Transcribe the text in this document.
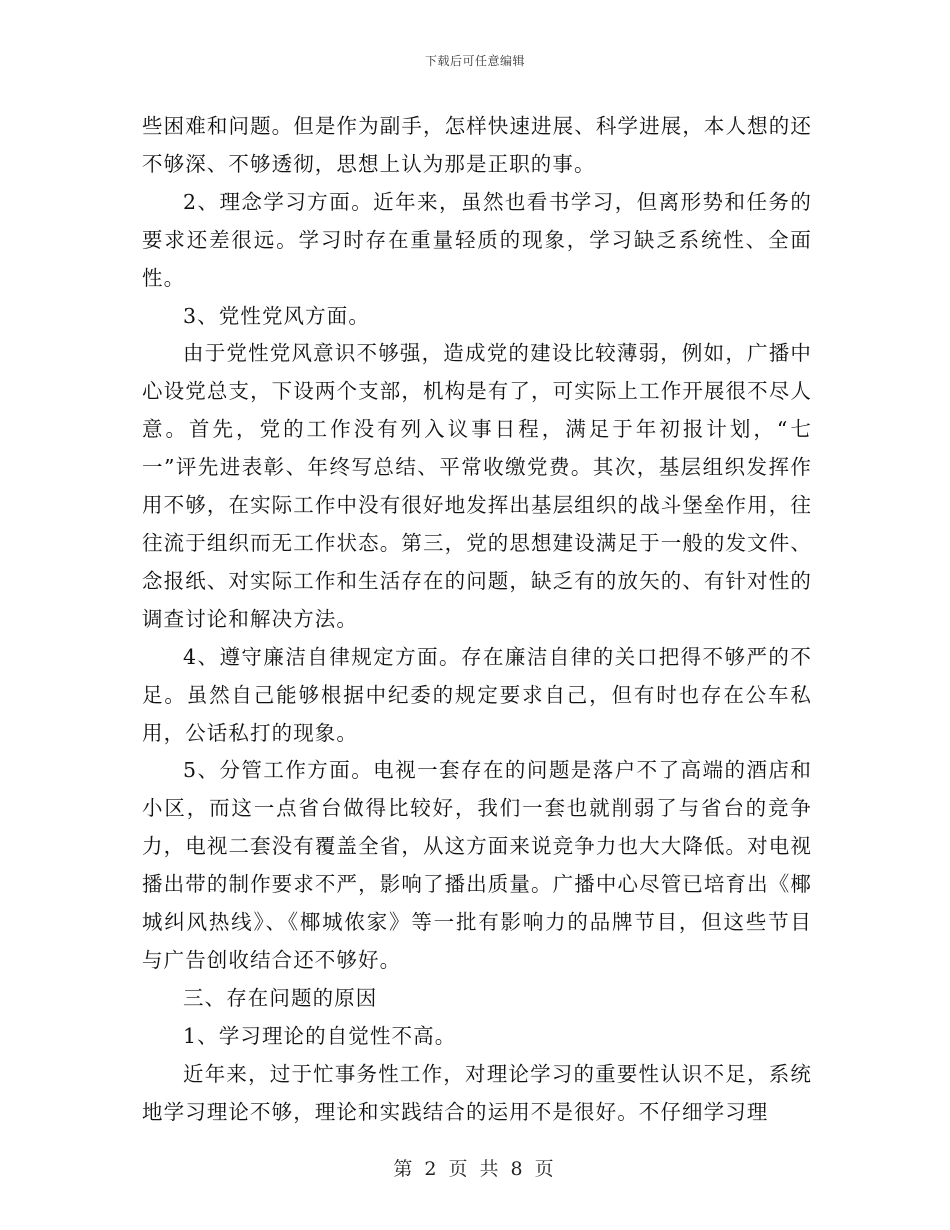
下载后可任意编辑

些困难和问题。但是作为副手，怎样快速进展、科学进展，本人想的还不够深、不够透彻，思想上认为那是正职的事。

2、理念学习方面。近年来，虽然也看书学习，但离形势和任务的要求还差很远。学习时存在重量轻质的现象，学习缺乏系统性、全面性。

3、党性党风方面。

由于党性党风意识不够强，造成党的建设比较薄弱，例如，广播中心设党总支，下设两个支部，机构是有了，可实际上工作开展很不尽人意。首先，党的工作没有列入议事日程，满足于年初报计划，“七一”评先进表彰、年终写总结、平常收缴党费。其次，基层组织发挥作用不够，在实际工作中没有很好地发挥出基层组织的战斗堡垒作用，往往流于组织而无工作状态。第三，党的思想建设满足于一般的发文件、念报纸、对实际工作和生活存在的问题，缺乏有的放矢的、有针对性的调查讨论和解决方法。

4、遵守廉洁自律规定方面。存在廉洁自律的关口把得不够严的不足。虽然自己能够根据中纪委的规定要求自己，但有时也存在公车私用，公话私打的现象。

5、分管工作方面。电视一套存在的问题是落户不了高端的酒店和小区，而这一点省台做得比较好，我们一套也就削弱了与省台的竞争力，电视二套没有覆盖全省，从这方面来说竞争力也大大降低。对电视播出带的制作要求不严，影响了播出质量。广播中心尽管已培育出《椰城纠风热线》、《椰城侬家》等一批有影响力的品牌节目，但这些节目与广告创收结合还不够好。

三、存在问题的原因

1、学习理论的自觉性不高。

近年来，过于忙事务性工作，对理论学习的重要性认识不足，系统地学习理论不够，理论和实践结合的运用不是很好。不仔细学习理

第 2 页 共 8 页
